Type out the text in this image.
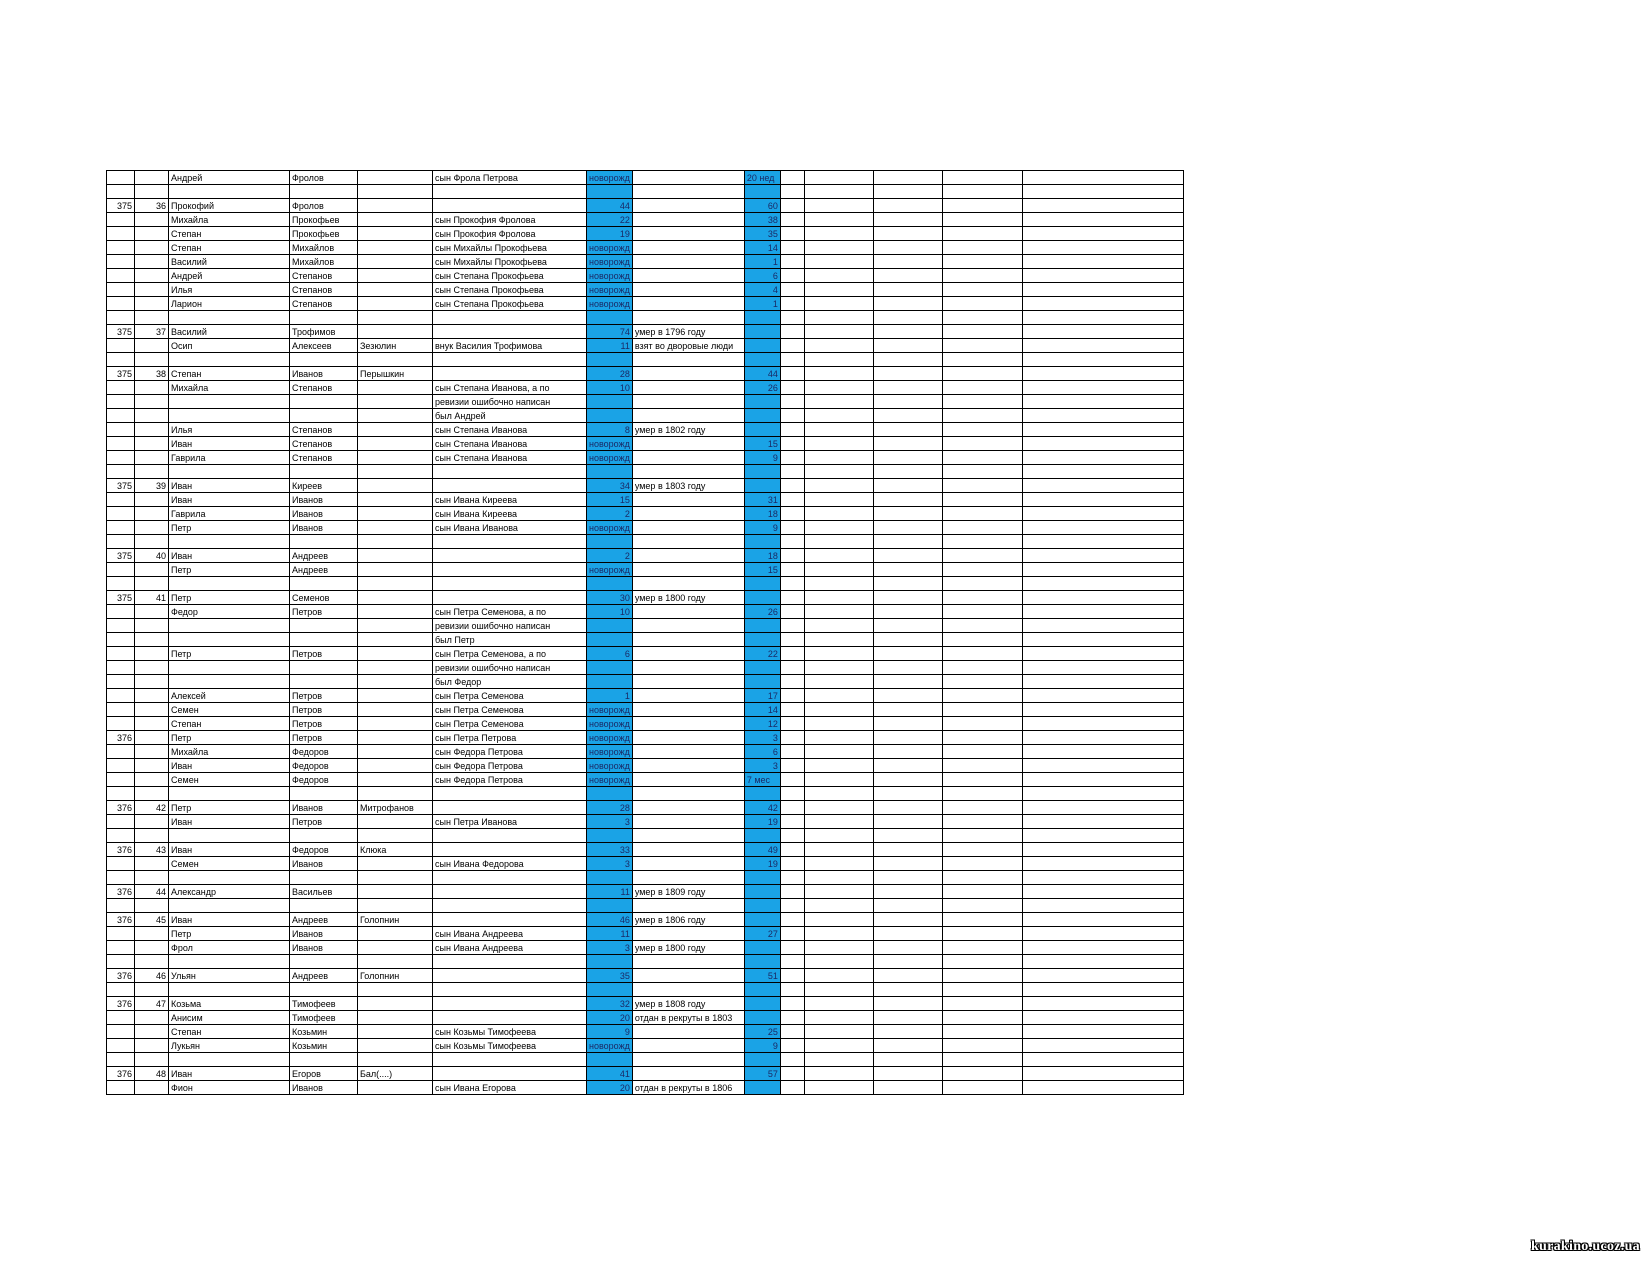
		Андрей	Фролов		сын Фрола Петрова	новорожд		20 нед					

375	36	Прокофий	Фролов			44		60					
		Михайла	Прокофьев		сын Прокофия Фролова	22		38					
		Степан	Прокофьев		сын Прокофия Фролова	19		35					
		Степан	Михайлов		сын Михайлы Прокофьева	новорожд		14					
		Василий	Михайлов		сын Михайлы Прокофьева	новорожд		1					
		Андрей	Степанов		сын Степана Прокофьева	новорожд		6					
		Илья	Степанов		сын Степана Прокофьева	новорожд		4					
		Ларион	Степанов		сын Степана Прокофьева	новорожд		1					

375	37	Василий	Трофимов			74	умер в 1796 году						
		Осип	Алексеев	Зезюлин	внук Василия Трофимова	11	взят во дворовые люди						

375	38	Степан	Иванов	Перышкин		28		44					
		Михайла	Степанов		сын Степана Иванова, а по	10		26					
					ревизии ошибочно написан								
					был Андрей								
		Илья	Степанов		сын Степана Иванова	8	умер в 1802 году						
		Иван	Степанов		сын Степана Иванова	новорожд		15					
		Гаврила	Степанов		сын Степана Иванова	новорожд		9					

375	39	Иван	Киреев			34	умер в 1803 году						
		Иван	Иванов		сын Ивана Киреева	15		31					
		Гаврила	Иванов		сын Ивана Киреева	2		18					
		Петр	Иванов		сын Ивана Иванова	новорожд		9					

375	40	Иван	Андреев			2		18					
		Петр	Андреев			новорожд		15					

375	41	Петр	Семенов			30	умер в 1800 году						
		Федор	Петров		сын Петра Семенова, а по	10		26					
					ревизии ошибочно написан								
					был Петр								
		Петр	Петров		сын Петра Семенова, а по	6		22					
					ревизии ошибочно написан								
					был Федор								
		Алексей	Петров		сын Петра Семенова	1		17					
		Семен	Петров		сын Петра Семенова	новорожд		14					
		Степан	Петров		сын Петра Семенова	новорожд		12					
376		Петр	Петров		сын Петра Петрова	новорожд		3					
		Михайла	Федоров		сын Федора Петрова	новорожд		6					
		Иван	Федоров		сын Федора Петрова	новорожд		3					
		Семен	Федоров		сын Федора Петрова	новорожд		7 мес					

376	42	Петр	Иванов	Митрофанов		28		42					
		Иван	Петров		сын Петра Иванова	3		19					

376	43	Иван	Федоров	Клюка		33		49					
		Семен	Иванов		сын Ивана Федорова	3		19					

376	44	Александр	Васильев			11	умер в 1809 году						

376	45	Иван	Андреев	Голопнин		46	умер в 1806 году						
		Петр	Иванов		сын Ивана Андреева	11		27					
		Фрол	Иванов		сын Ивана Андреева	3	умер в 1800 году						

376	46	Ульян	Андреев	Голопнин		35		51					

376	47	Козьма	Тимофеев			32	умер в 1808 году						
		Анисим	Тимофеев			20	отдан в рекруты в 1803						
		Степан	Козьмин		сын Козьмы Тимофеева	9		25					
		Лукьян	Козьмин		сын Козьмы Тимофеева	новорожд		9					

376	48	Иван	Егоров	Бал(....)		41		57					
		Фион	Иванов		сын Ивана Егорова	20	отдан в рекруты в 1806						
kurakino.ucoz.ua
